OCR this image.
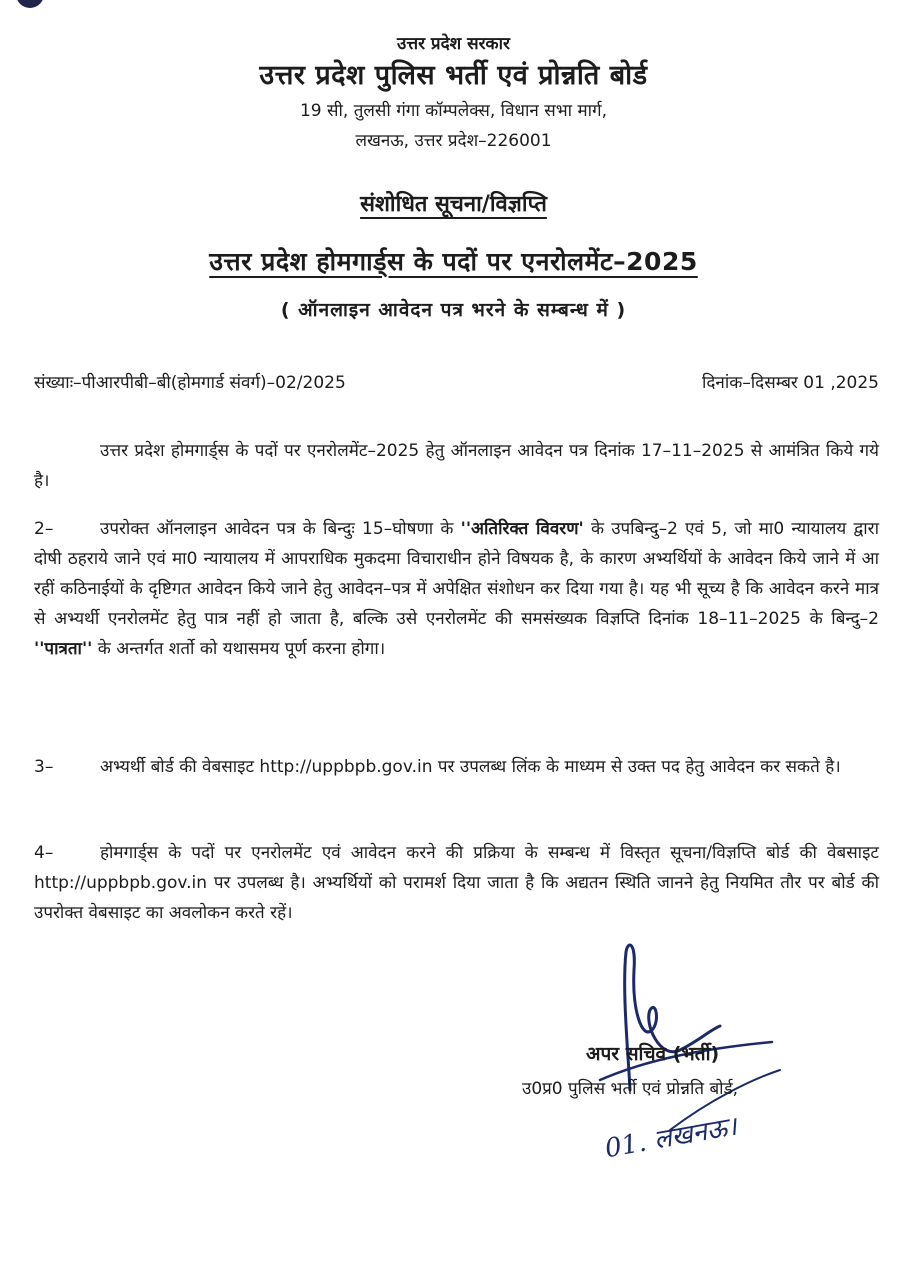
उत्तर प्रदेश सरकार
उत्तर प्रदेश पुलिस भर्ती एवं प्रोन्नति बोर्ड
19 सी, तुलसी गंगा कॉम्पलेक्स, विधान सभा मार्ग,
लखनऊ, उत्तर प्रदेश–226001
संशोधित सूचना/विज्ञप्ति
उत्तर प्रदेश होमगार्ड्स के पदों पर एनरोलमेंट–2025
( ऑनलाइन आवेदन पत्र भरने के सम्बन्ध में )
संख्याः–पीआरपीबी–बी(होमगार्ड संवर्ग)–02/2025	दिनांक–दिसम्बर 01 ,2025
उत्तर प्रदेश होमगार्ड्स के पदों पर एनरोलमेंट–2025 हेतु ऑनलाइन आवेदन पत्र दिनांक 17–11–2025 से आमंत्रित किये गये है।
2–	उपरोक्त ऑनलाइन आवेदन पत्र के बिन्दुः 15–घोषणा के ''अतिरिक्त विवरण' के उपबिन्दु–2 एवं 5, जो मा0 न्यायालय द्वारा दोषी ठहराये जाने एवं मा0 न्यायालय में आपराधिक मुकदमा विचाराधीन होने विषयक है, के कारण अभ्यर्थियों के आवेदन किये जाने में आ रहीं कठिनाईयों के दृष्टिगत आवेदन किये जाने हेतु आवेदन–पत्र में अपेक्षित संशोधन कर दिया गया है। यह भी सूच्य है कि आवेदन करने मात्र से अभ्यर्थी एनरोलमेंट हेतु पात्र नहीं हो जाता है, बल्कि उसे एनरोलमेंट की समसंख्यक विज्ञप्ति दिनांक 18–11–2025 के बिन्दु–2 ''पात्रता'' के अन्तर्गत शर्तो को यथासमय पूर्ण करना होगा।
3–	अभ्यर्थी बोर्ड की वेबसाइट http://uppbpb.gov.in पर उपलब्ध लिंक के माध्यम से उक्त पद हेतु आवेदन कर सकते है।
4–	होमगार्ड्स के पदों पर एनरोलमेंट एवं आवेदन करने की प्रक्रिया के सम्बन्ध में विस्तृत सूचना/विज्ञप्ति बोर्ड की वेबसाइट http://uppbpb.gov.in पर उपलब्ध है। अभ्यर्थियों को परामर्श दिया जाता है कि अद्यतन स्थिति जानने हेतु नियमित तौर पर बोर्ड की उपरोक्त वेबसाइट का अवलोकन करते रहें।
अपर सचिव (भर्ती)
उ0प्र0 पुलिस भर्ती एवं प्रोन्नति बोर्ड,
01. लखनऊ।
